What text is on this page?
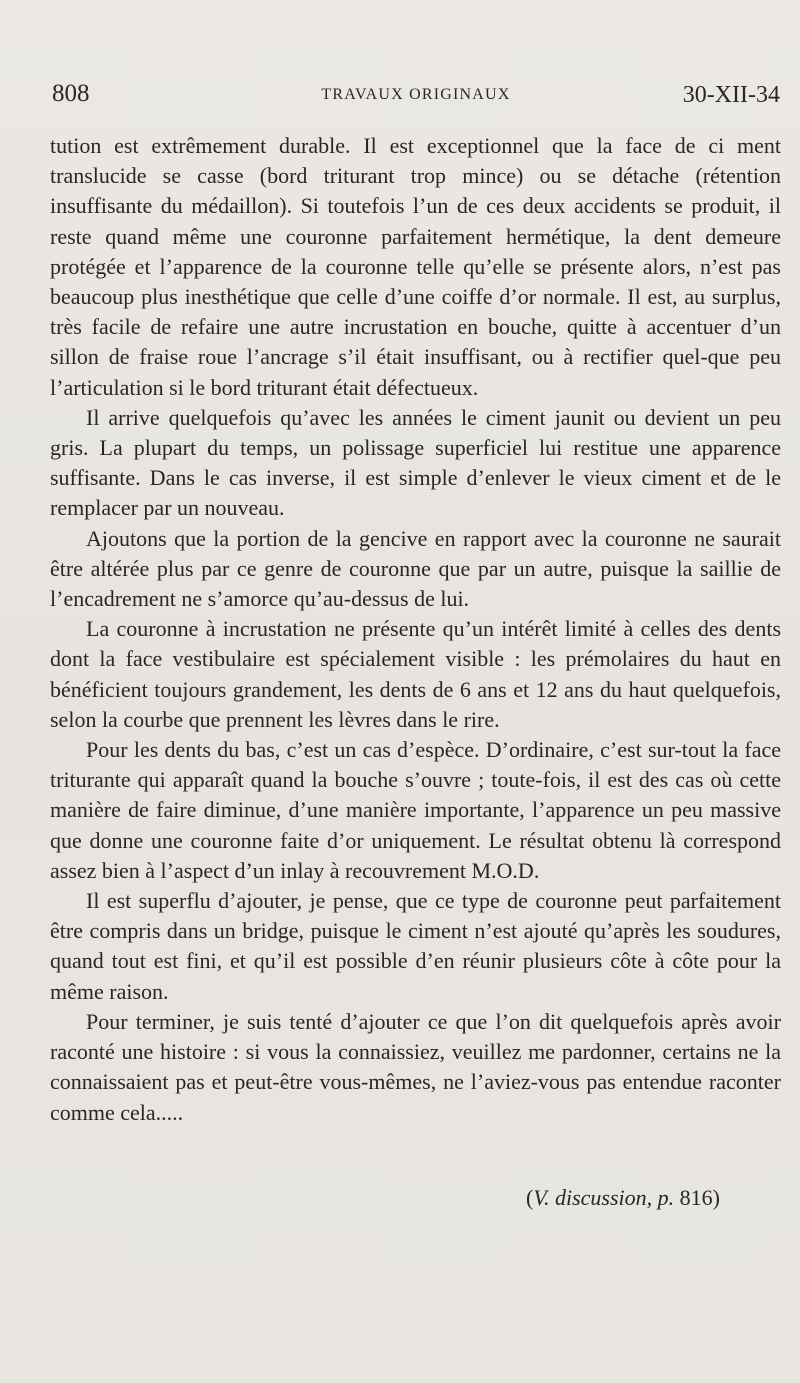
808	TRAVAUX ORIGINAUX	30-XII-34

tution est extrêmement durable. Il est exceptionnel que la face de ci ment translucide se casse (bord triturant trop mince) ou se détache (rétention insuffisante du médaillon). Si toutefois l’un de ces deux accidents se produit, il reste quand même une couronne parfaitement hermétique, la dent demeure protégée et l’apparence de la couronne telle qu’elle se présente alors, n’est pas beaucoup plus inesthétique que celle d’une coiffe d’or normale. Il est, au surplus, très facile de refaire une autre incrustation en bouche, quitte à accentuer d’un sillon de fraise roue l’ancrage s’il était insuffisant, ou à rectifier quel-que peu l’articulation si le bord triturant était défectueux.

Il arrive quelquefois qu’avec les années le ciment jaunit ou devient un peu gris. La plupart du temps, un polissage superficiel lui restitue une apparence suffisante. Dans le cas inverse, il est simple d’enlever le vieux ciment et de le remplacer par un nouveau.

Ajoutons que la portion de la gencive en rapport avec la couronne ne saurait être altérée plus par ce genre de couronne que par un autre, puisque la saillie de l’encadrement ne s’amorce qu’au-dessus de lui.

La couronne à incrustation ne présente qu’un intérêt limité à celles des dents dont la face vestibulaire est spécialement visible : les prémolaires du haut en bénéficient toujours grandement, les dents de 6 ans et 12 ans du haut quelquefois, selon la courbe que prennent les lèvres dans le rire.

Pour les dents du bas, c’est un cas d’espèce. D’ordinaire, c’est sur-tout la face triturante qui apparaît quand la bouche s’ouvre ; toute-fois, il est des cas où cette manière de faire diminue, d’une manière importante, l’apparence un peu massive que donne une couronne faite d’or uniquement. Le résultat obtenu là correspond assez bien à l’aspect d’un inlay à recouvrement M.O.D.

Il est superflu d’ajouter, je pense, que ce type de couronne peut parfaitement être compris dans un bridge, puisque le ciment n’est ajouté qu’après les soudures, quand tout est fini, et qu’il est possible d’en réunir plusieurs côte à côte pour la même raison.

Pour terminer, je suis tenté d’ajouter ce que l’on dit quelquefois après avoir raconté une histoire : si vous la connaissiez, veuillez me pardonner, certains ne la connaissaient pas et peut-être vous-mêmes, ne l’aviez-vous pas entendue raconter comme cela.....

(V. discussion, p. 816)
